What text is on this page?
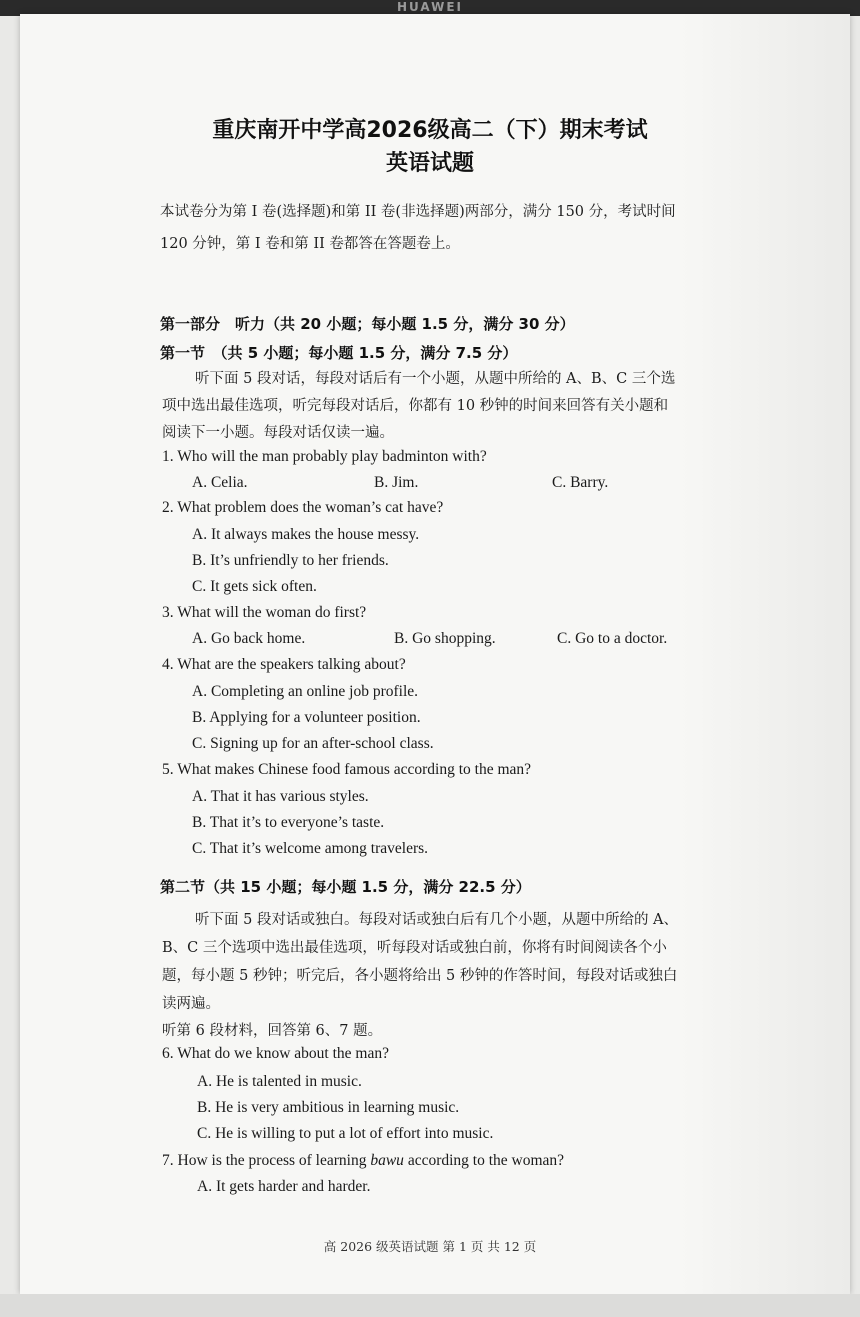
HUAWEI
重庆南开中学高2026级高二（下）期末考试
英语试题
本试卷分为第 I 卷(选择题)和第 II 卷(非选择题)两部分，满分 150 分，考试时间
120 分钟，第 I 卷和第 II 卷都答在答题卷上。
第一部分　听力（共 20 小题；每小题 1.5 分，满分 30 分）
第一节　（共 5 小题；每小题 1.5 分，满分 7.5 分）
听下面 5 段对话，每段对话后有一个小题，从题中所给的 A、B、C 三个选
项中选出最佳选项，听完每段对话后，你都有 10 秒钟的时间来回答有关小题和
阅读下一小题。每段对话仅读一遍。
1. Who will the man probably play badminton with?
A. Celia.	B. Jim.	C. Barry.
2. What problem does the woman’s cat have?
A. It always makes the house messy.
B. It’s unfriendly to her friends.
C. It gets sick often.
3. What will the woman do first?
A. Go back home.	B. Go shopping.	C. Go to a doctor.
4. What are the speakers talking about?
A. Completing an online job profile.
B. Applying for a volunteer position.
C. Signing up for an after-school class.
5. What makes Chinese food famous according to the man?
A. That it has various styles.
B. That it’s to everyone’s taste.
C. That it’s welcome among travelers.
第二节（共 15 小题；每小题 1.5 分，满分 22.5 分）
听下面 5 段对话或独白。每段对话或独白后有几个小题，从题中所给的 A、
B、C 三个选项中选出最佳选项，听每段对话或独白前，你将有时间阅读各个小
题，每小题 5 秒钟；听完后，各小题将给出 5 秒钟的作答时间，每段对话或独白
读两遍。
听第 6 段材料，回答第 6、7 题。
6. What do we know about the man?
A. He is talented in music.
B. He is very ambitious in learning music.
C. He is willing to put a lot of effort into music.
7. How is the process of learning bawu according to the woman?
A. It gets harder and harder.
高 2026 级英语试题 第 1 页 共 12 页
